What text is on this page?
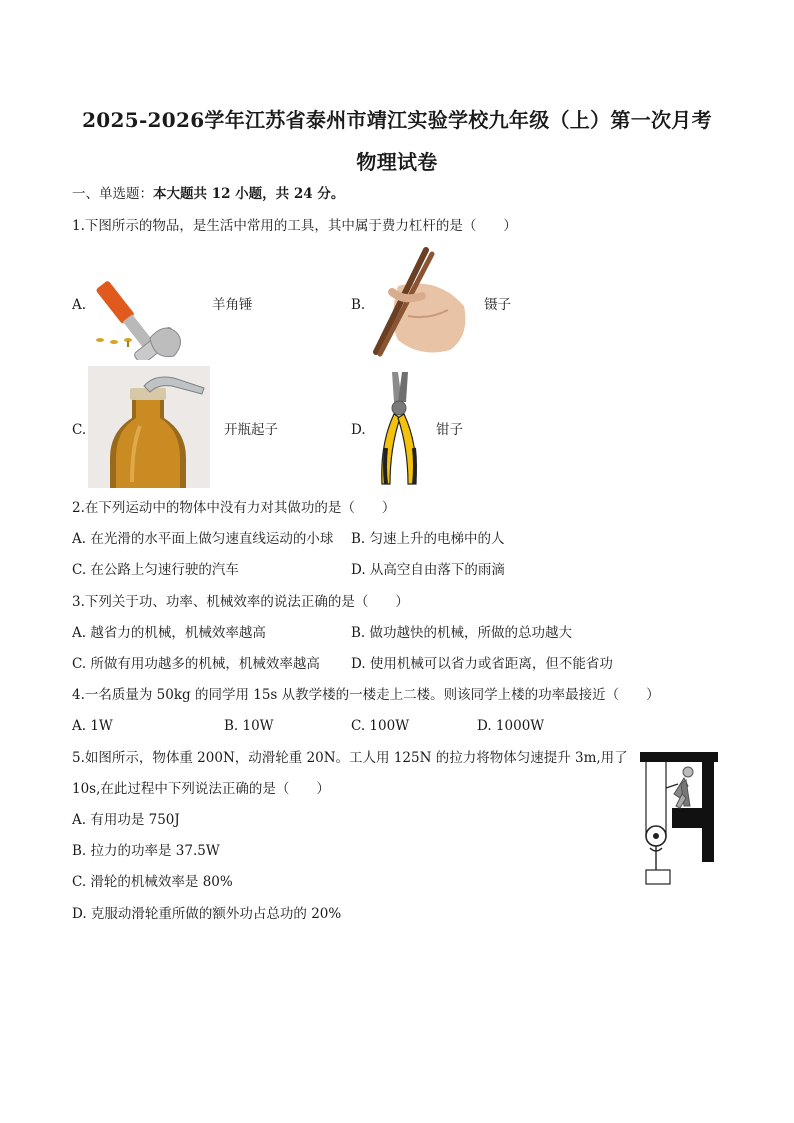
2025-2026学年江苏省泰州市靖江实验学校九年级（上）第一次月考
物理试卷
一、单选题：本大题共 12 小题，共 24 分。
1.下图所示的物品，是生活中常用的工具，其中属于费力杠杆的是（　　）
A.	羊角锤	B.	镊子
C.	开瓶起子	D.	钳子
2.在下列运动中的物体中没有力对其做功的是（　　）
A. 在光滑的水平面上做匀速直线运动的小球 B. 匀速上升的电梯中的人
C. 在公路上匀速行驶的汽车	D. 从高空自由落下的雨滴
3.下列关于功、功率、机械效率的说法正确的是（　　）
A. 越省力的机械，机械效率越高	B. 做功越快的机械，所做的总功越大
C. 所做有用功越多的机械，机械效率越高 D. 使用机械可以省力或省距离，但不能省功
4.一名质量为 50kg 的同学用 15s 从教学楼的一楼走上二楼。则该同学上楼的功率最接近（　　）
A. 1W	B. 10W	C. 100W	D. 1000W
5.如图所示，物体重 200N，动滑轮重 20N。工人用 125N 的拉力将物体匀速提升 3m,用了
10s,在此过程中下列说法正确的是（　　）
A. 有用功是 750J
B. 拉力的功率是 37.5W
C. 滑轮的机械效率是 80%
D. 克服动滑轮重所做的额外功占总功的 20%
